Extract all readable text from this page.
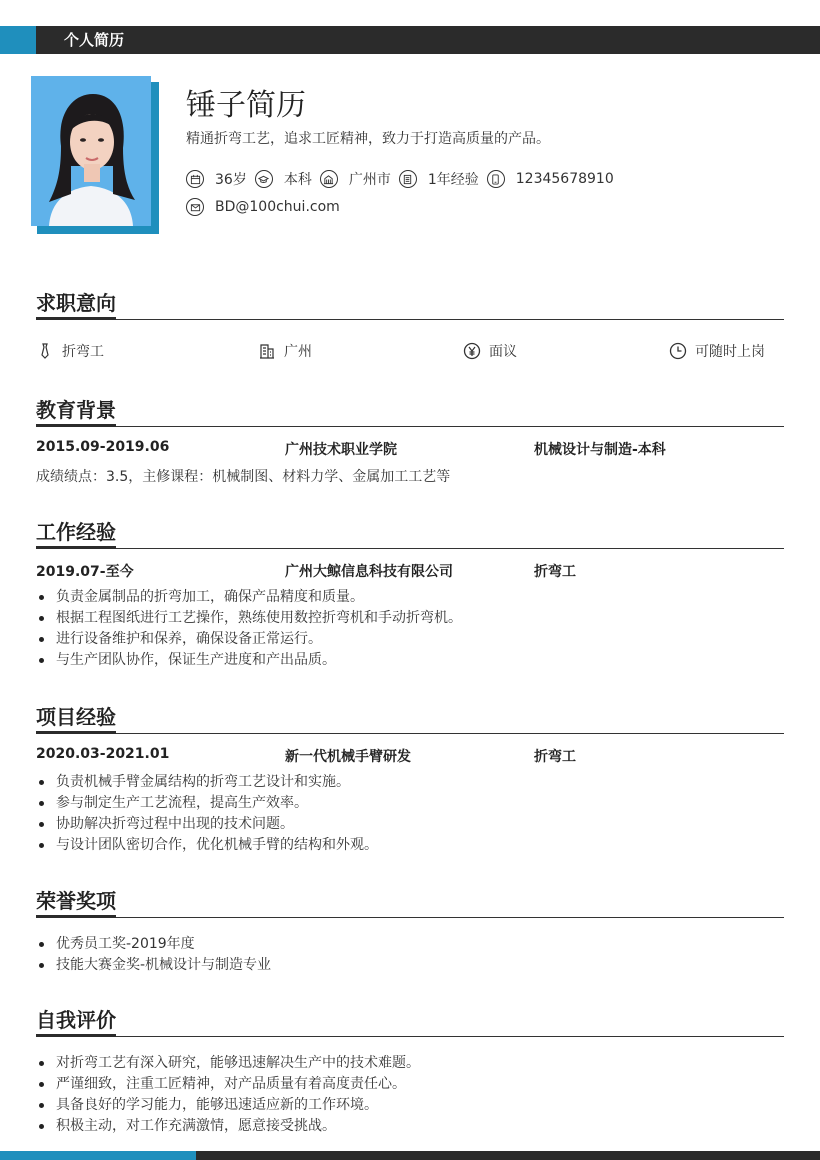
个人简历
锤子简历
精通折弯工艺，追求工匠精神，致力于打造高质量的产品。
36岁	本科	广州市	1年经验	12345678910
BD@100chui.com
求职意向
折弯工	广州	面议	可随时上岗
教育背景
2015.09-2019.06	广州技术职业学院	机械设计与制造-本科
成绩绩点：3.5，主修课程：机械制图、材料力学、金属加工工艺等
工作经验
2019.07-至今	广州大鲸信息科技有限公司	折弯工
负责金属制品的折弯加工，确保产品精度和质量。
根据工程图纸进行工艺操作，熟练使用数控折弯机和手动折弯机。
进行设备维护和保养，确保设备正常运行。
与生产团队协作，保证生产进度和产出品质。
项目经验
2020.03-2021.01	新一代机械手臂研发	折弯工
负责机械手臂金属结构的折弯工艺设计和实施。
参与制定生产工艺流程，提高生产效率。
协助解决折弯过程中出现的技术问题。
与设计团队密切合作，优化机械手臂的结构和外观。
荣誉奖项
优秀员工奖-2019年度
技能大赛金奖-机械设计与制造专业
自我评价
对折弯工艺有深入研究，能够迅速解决生产中的技术难题。
严谨细致，注重工匠精神，对产品质量有着高度责任心。
具备良好的学习能力，能够迅速适应新的工作环境。
积极主动，对工作充满激情，愿意接受挑战。
